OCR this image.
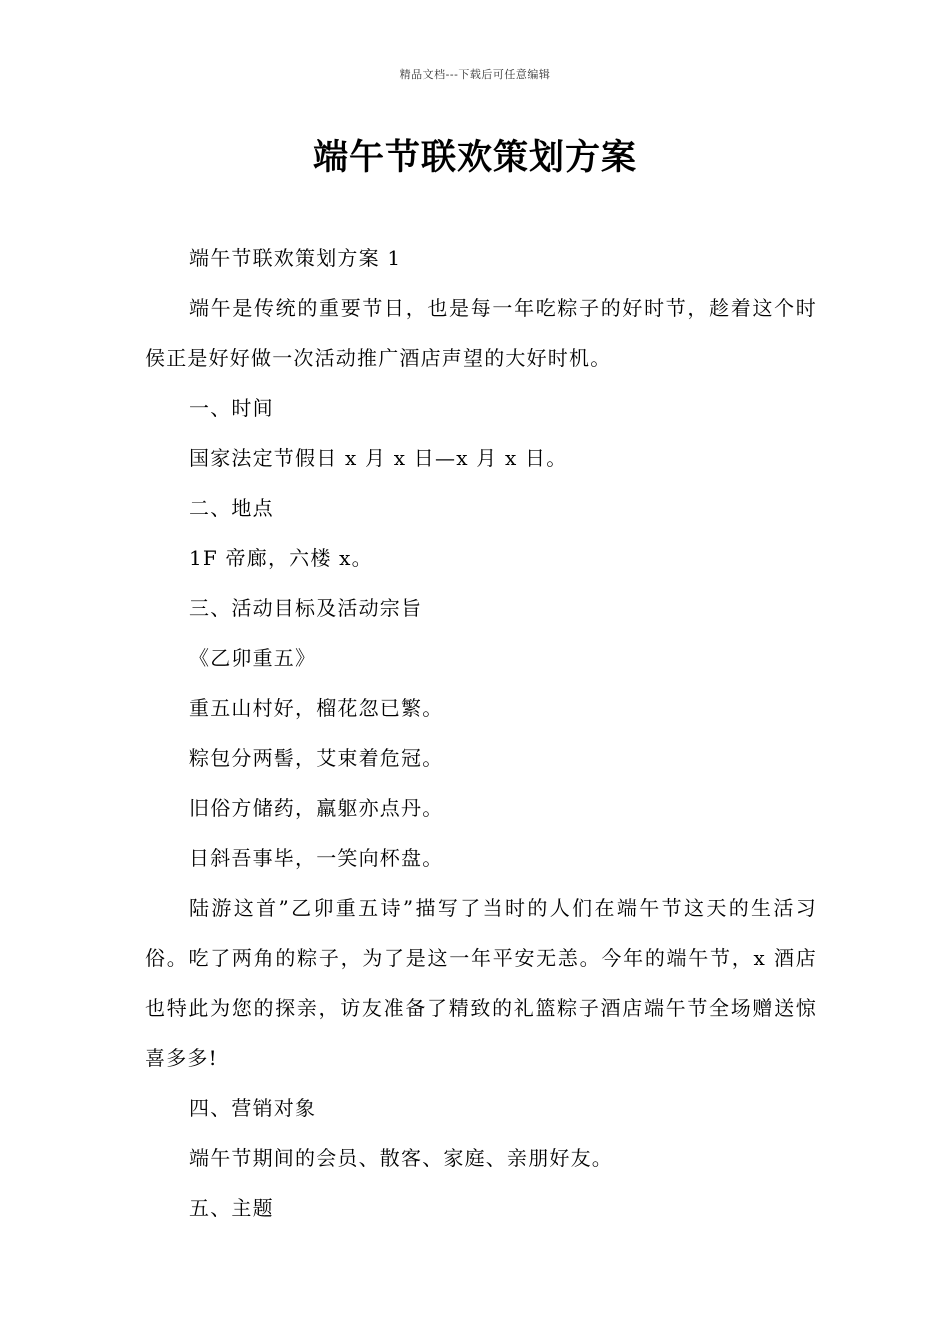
精品文档---下载后可任意编辑
端午节联欢策划方案

端午节联欢策划方案 1

端午是传统的重要节日，也是每一年吃粽子的好时节，趁着这个时侯正是好好做一次活动推广酒店声望的大好时机。

一、时间

国家法定节假日 x 月 x 日—x 月 x 日。

二、地点

1F 帝廊，六楼 x。

三、活动目标及活动宗旨

《乙卯重五》

重五山村好，榴花忽已繁。

粽包分两髻，艾束着危冠。

旧俗方储药，羸躯亦点丹。

日斜吾事毕，一笑向杯盘。

陆游这首”乙卯重五诗”描写了当时的人们在端午节这天的生活习俗。吃了两角的粽子，为了是这一年平安无恙。今年的端午节，x 酒店也特此为您的探亲，访友准备了精致的礼篮粽子酒店端午节全场赠送惊喜多多!

四、营销对象

端午节期间的会员、散客、家庭、亲朋好友。

五、主题
